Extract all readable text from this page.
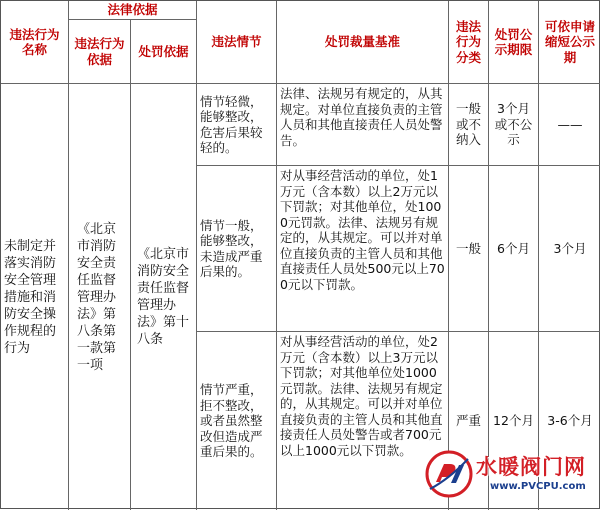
违法行为名称
法律依据
违法行为依据
处罚依据
违法情节	处罚裁量基准
违法行为分类
处罚公示期限
可依申请缩短公示期
未制定并落实消防安全管理措施和消防安全操作规程的行为
《北京市消防安全责任监督管理办法》第八条第一款第一项
《北京市消防安全责任监督管理办法》第十八条
情节轻微，能够整改，危害后果较轻的。
法律、法规另有规定的，从其规定。对单位直接负责的主管人员和其他直接责任人员处警告。
一般或不纳入
3个月或不公示
——
情节一般，能够整改，未造成严重后果的。
对从事经营活动的单位，处1万元（含本数）以上2万元以下罚款；对其他单位，处1000元罚款。法律、法规另有规定的，从其规定。可以并对单位直接负责的主管人员和其他直接责任人员处500元以上700元以下罚款。
一般 6个月 3个月
情节严重，拒不整改，或者虽然整改但造成严重后果的。
对从事经营活动的单位，处2万元（含本数）以上3万元以下罚款；对其他单位处1000元罚款。法律、法规另有规定的，从其规定。可以并对单位直接负责的主管人员和其他直接责任人员处警告或者700元以上1000元以下罚款。
严重 12个月 3-6个月
水暖阀门网
www.PVCPU.com
